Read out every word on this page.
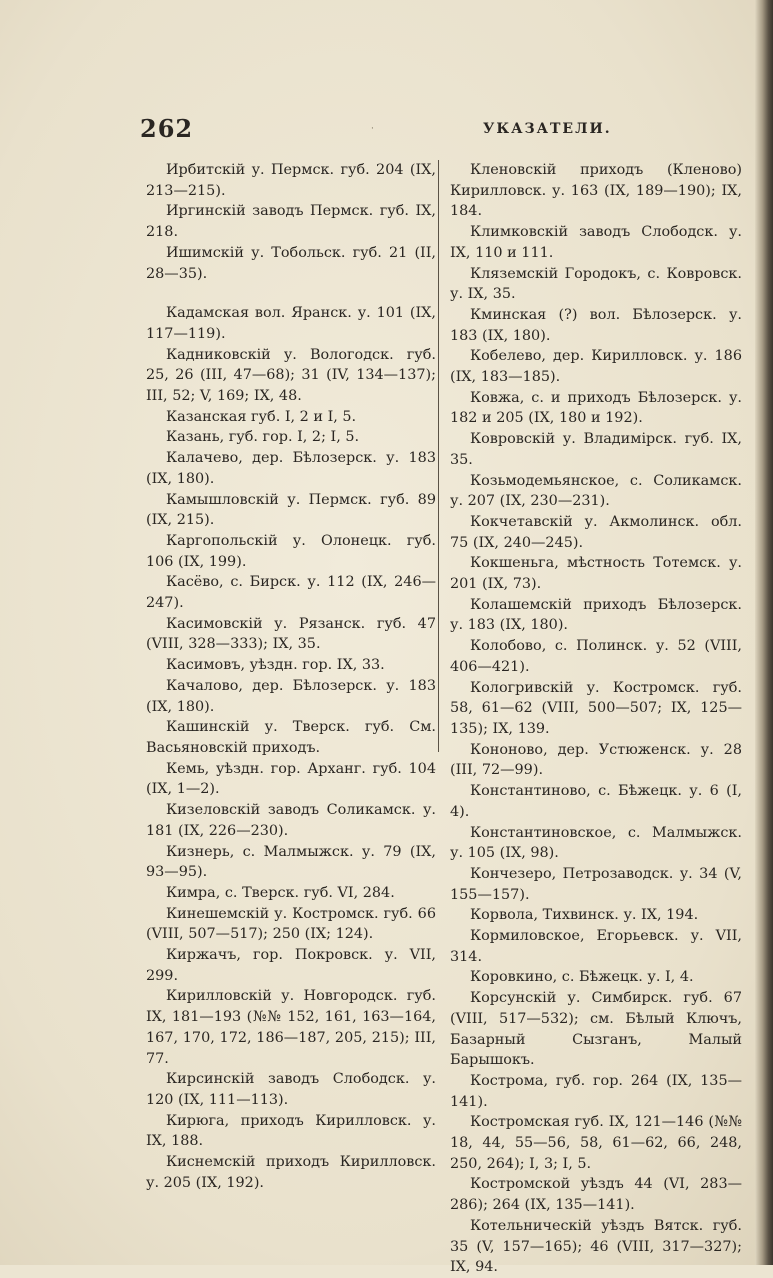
262	·	УКАЗАТЕЛИ.

Ирбитскій у. Пермск. губ. 204 (IX, 213—215).

Иргинскій заводъ Пермск. губ. IX, 218.

Ишимскій у. Тобольск. губ. 21 (II, 28—35).

Кадамская вол. Яранск. у. 101 (IX, 117—119).

Кадниковскій у. Вологодск. губ. 25, 26 (III, 47—68); 31 (IV, 134—137); III, 52; V, 169; IX, 48.

Казанская губ. I, 2 и I, 5.

Казань, губ. гор. I, 2; I, 5.

Калачево, дер. Бѣлозерск. у. 183 (IX, 180).

Камышловскій у. Пермск. губ. 89 (IX, 215).

Каргопольскій у. Олонецк. губ. 106 (IX, 199).

Касёво, с. Бирск. у. 112 (IX, 246—247).

Касимовскій у. Рязанск. губ. 47 (VIII, 328—333); IX, 35.

Касимовъ, уѣздн. гор. IX, 33.

Качалово, дер. Бѣлозерск. у. 183 (IX, 180).

Кашинскій у. Тверск. губ. См. Васьяновскій приходъ.

Кемь, уѣздн. гор. Арханг. губ. 104 (IX, 1—2).

Кизеловскій заводъ Соликамск. у. 181 (IX, 226—230).

Кизнерь, с. Малмыжск. у. 79 (IX, 93—95).

Кимра, с. Тверск. губ. VI, 284.

Кинешемскій у. Костромск. губ. 66 (VIII, 507—517); 250 (IX; 124).

Киржачъ, гор. Покровск. у. VII, 299.

Кирилловскій у. Новгородск. губ. IX, 181—193 (№№ 152, 161, 163—164, 167, 170, 172, 186—187, 205, 215); III, 77.

Кирсинскій заводъ Слободск. у. 120 (IX, 111—113).

Кирюга, приходъ Кирилловск. у. IX, 188.

Киснемскій приходъ Кирилловск. у. 205 (IX, 192).

Кленовскій приходъ (Кленово) Кирилловск. у. 163 (IX, 189—190); IX, 184.

Климковскій заводъ Слободск. у. IX, 110 и 111.

Кляземскій Городокъ, с. Ковровск. у. IX, 35.

Кминская (?) вол. Бѣлозерск. у. 183 (IX, 180).

Кобелево, дер. Кирилловск. у. 186 (IX, 183—185).

Ковжа, с. и приходъ Бѣлозерск. у. 182 и 205 (IX, 180 и 192).

Ковровскій у. Владимірск. губ. IX, 35.

Козьмодемьянское, с. Соликамск. у. 207 (IX, 230—231).

Кокчетавскій у. Акмолинск. обл. 75 (IX, 240—245).

Кокшеньга, мѣстность Тотемск. у. 201 (IX, 73).

Колашемскій приходъ Бѣлозерск. у. 183 (IX, 180).

Колобово, с. Полинск. у. 52 (VIII, 406—421).

Кологривскій у. Костромск. губ. 58, 61—62 (VIII, 500—507; IX, 125—135); IX, 139.

Кононово, дер. Устюженск. у. 28 (III, 72—99).

Константиново, с. Бѣжецк. у. 6 (I, 4).

Константиновское, с. Малмыжск. у. 105 (IX, 98).

Кончезеро, Петрозаводск. у. 34 (V, 155—157).

Корвола, Тихвинск. у. IX, 194.

Кормиловское, Егорьевск. у. VII, 314.

Коровкино, с. Бѣжецк. у. I, 4.

Корсунскій у. Симбирск. губ. 67 (VIII, 517—532); см. Бѣлый Ключъ, Базарный Сызганъ, Малый Барышокъ.

Кострома, губ. гор. 264 (IX, 135—141).

Костромская губ. IX, 121—146 (№№ 18, 44, 55—56, 58, 61—62, 66, 248, 250, 264); I, 3; I, 5.

Костромской уѣздъ 44 (VI, 283—286); 264 (IX, 135—141).

Котельническій уѣздъ Вятск. губ. 35 (V, 157—165); 46 (VIII, 317—327); IX, 94.
